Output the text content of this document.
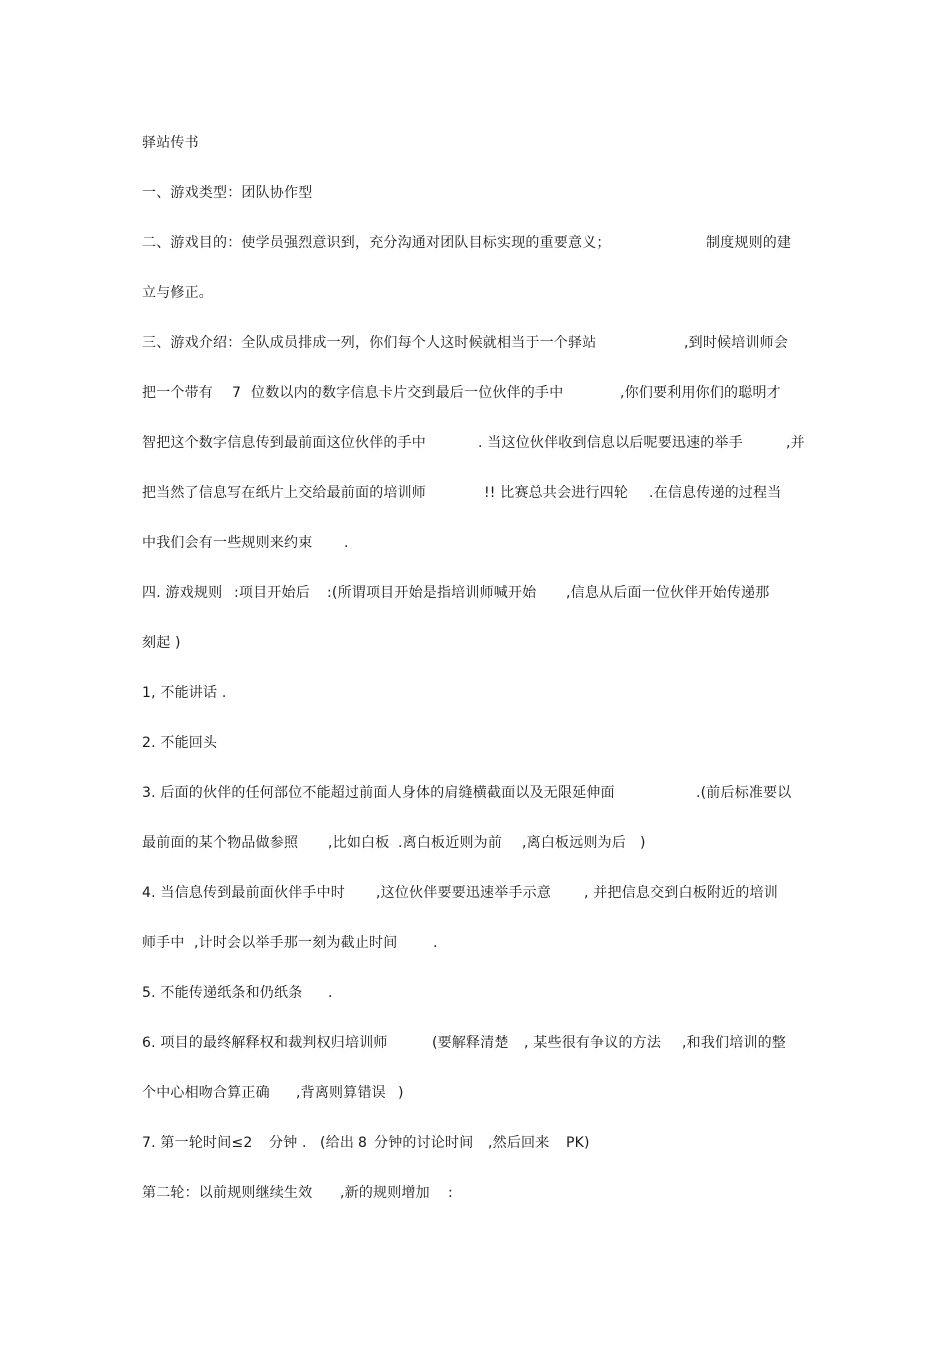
驿站传书

一、游戏类型：团队协作型

二、游戏目的：使学员强烈意识到，充分沟通对团队目标实现的重要意义；

	制度规则的建

立与修正。

三、游戏介绍：全队成员排成一列，你们每个人这时候就相当于一个驿站

	,到时候培训师会

把一个带有

7

位数以内的数字信息卡片交到最后一位伙伴的手中

	,你们要利用你们的聪明才

智把这个数字信息传到最前面这位伙伴的手中

	. 当这位伙伴收到信息以后呢要迅速的举手

	,并

把当然了信息写在纸片上交给最前面的培训师

	!! 比赛总共会进行四轮

.在信息传递的过程当

中我们会有一些规则来约束

.

四. 游戏规则

:项目开始后

:(所谓项目开始是指培训师喊开始

,信息从后面一位伙伴开始传递那

刻起 )

1, 不能讲话 .

2. 不能回头

3. 后面的伙伴的任何部位不能超过前面人身体的肩缝横截面以及无限延伸面

	.(前后标准要以

最前面的某个物品做参照

,比如白板

.离白板近则为前

,离白板远则为后

)

4. 当信息传到最前面伙伴手中时

,这位伙伴要要迅速举手示意

, 并把信息交到白板附近的培训

师手中

,计时会以举手那一刻为截止时间

	.

5. 不能传递纸条和仍纸条

.

6. 项目的最终解释权和裁判权归培训师

	(要解释清楚

, 某些很有争议的方法

,和我们培训的整

个中心相吻合算正确

,背离则算错误

)

7. 第一轮时间≤2

分钟 .

(给出

8

分钟的讨论时间

,然后回来

PK)

第二轮：以前规则继续生效

,新的规则增加

:
